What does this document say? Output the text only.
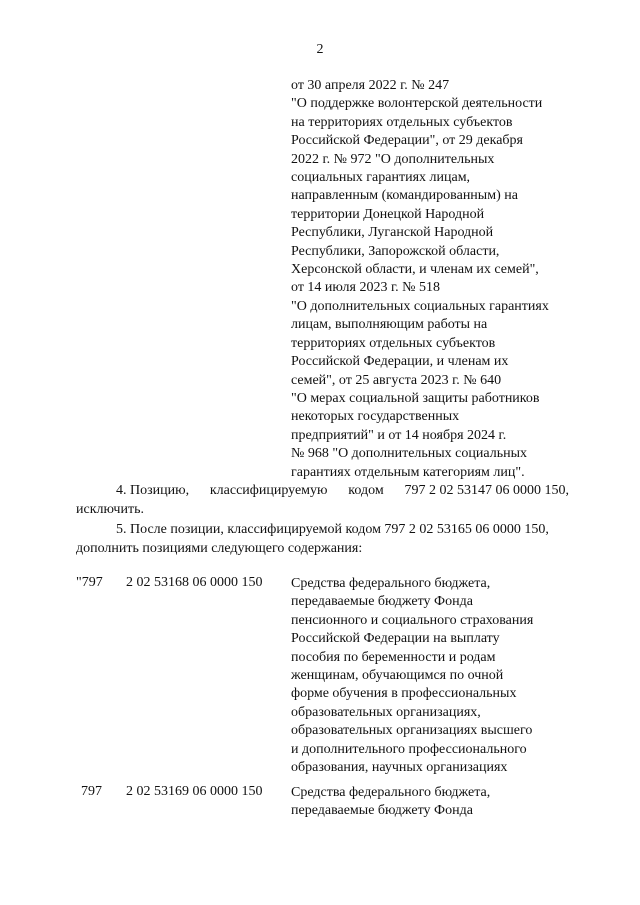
2
от 30 апреля 2022 г. № 247
"О поддержке волонтерской деятельности
на территориях отдельных субъектов
Российской Федерации", от 29 декабря
2022 г. № 972 "О дополнительных
социальных гарантиях лицам,
направленным (командированным) на
территории Донецкой Народной
Республики, Луганской Народной
Республики, Запорожской области,
Херсонской области, и членам их семей",
от 14 июля 2023 г. № 518
"О дополнительных социальных гарантиях
лицам, выполняющим работы на
территориях отдельных субъектов
Российской Федерации, и членам их
семей", от 25 августа 2023 г. № 640
"О мерах социальной защиты работников
некоторых государственных
предприятий" и от 14 ноября 2024 г.
№ 968 "О дополнительных социальных
гарантиях отдельным категориям лиц".
4. Позицию, классифицируемую кодом 797 2 02 53147 06 0000 150,
исключить.
5. После позиции, классифицируемой кодом 797 2 02 53165 06 0000 150,
дополнить позициями следующего содержания:
"797 2 02 53168 06 0000 150 Средства федерального бюджета,
передаваемые бюджету Фонда
пенсионного и социального страхования
Российской Федерации на выплату
пособия по беременности и родам
женщинам, обучающимся по очной
форме обучения в профессиональных
образовательных организациях,
образовательных организациях высшего
и дополнительного профессионального
образования, научных организациях
797 2 02 53169 06 0000 150 Средства федерального бюджета,
передаваемые бюджету Фонда
